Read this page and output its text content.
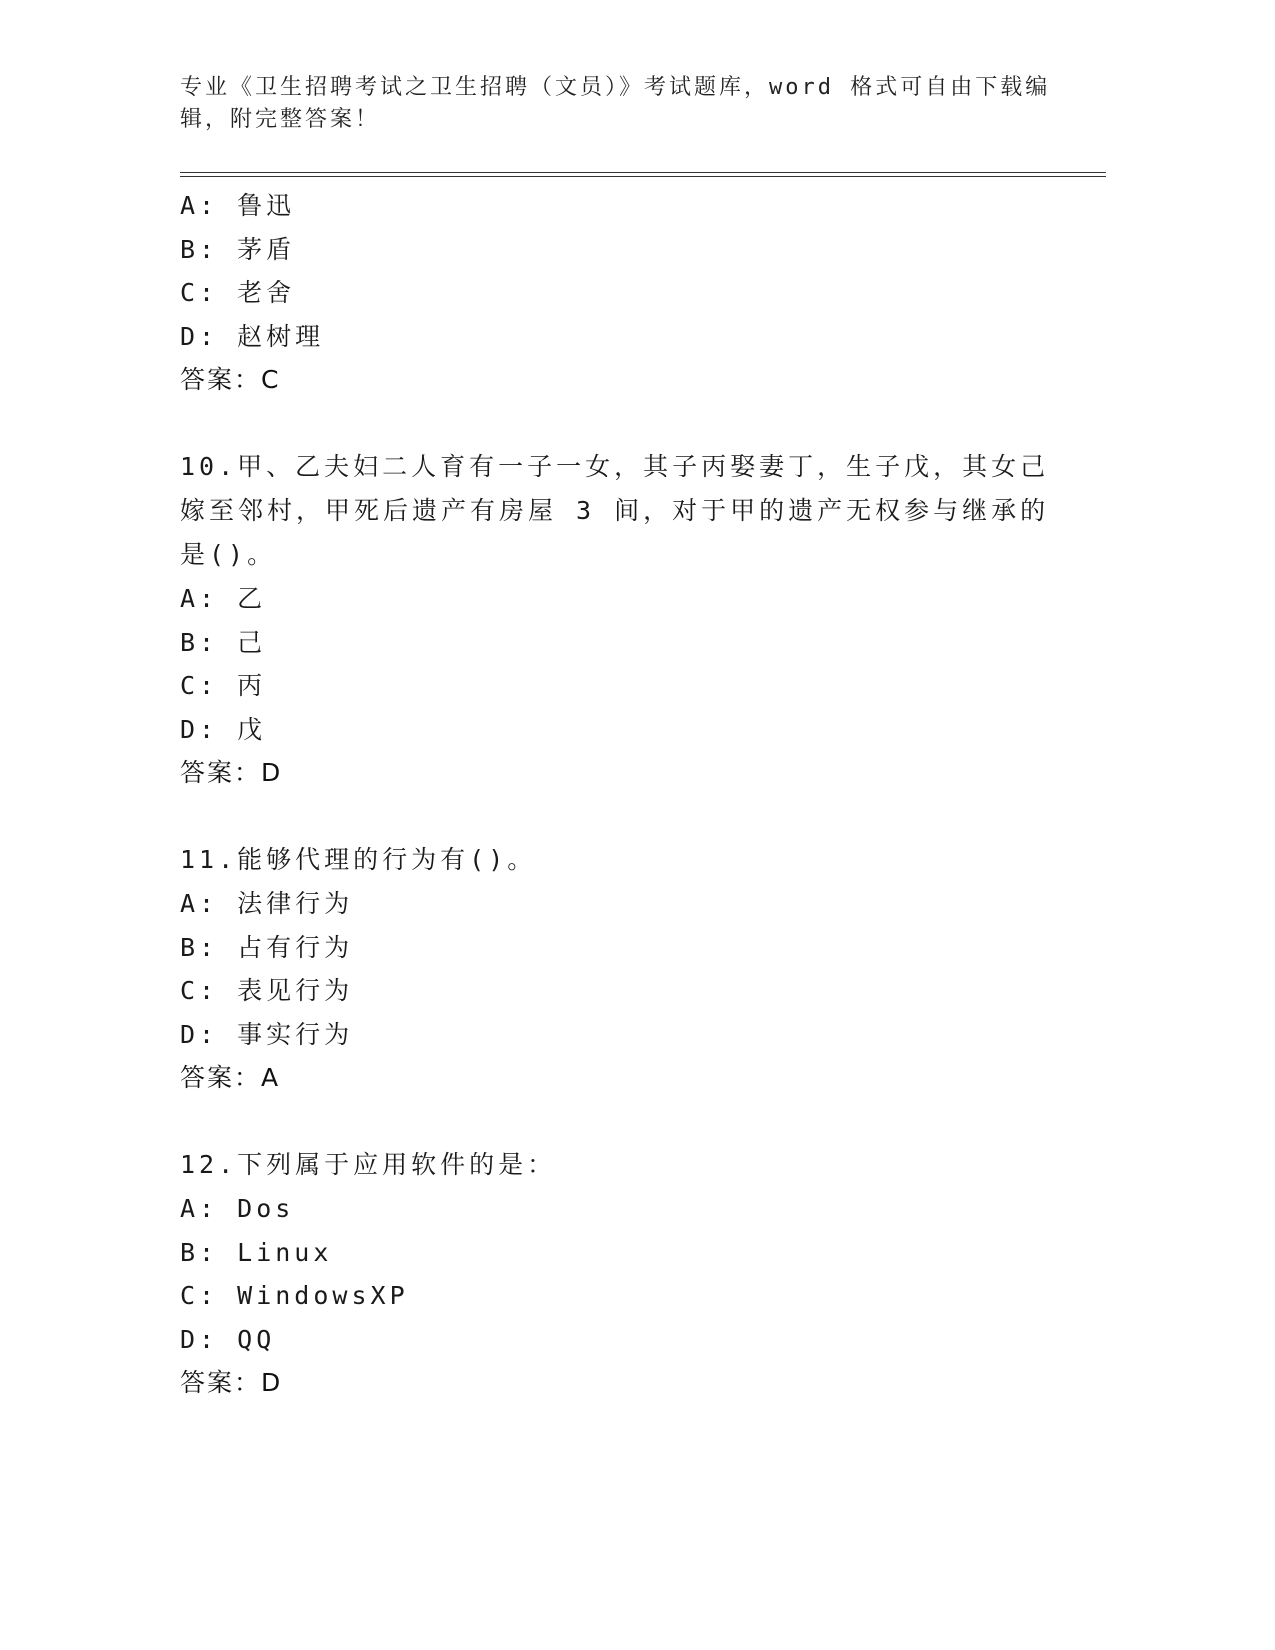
专业《卫生招聘考试之卫生招聘（文员）》考试题库，word 格式可自由下载编辑，附完整答案！
A: 鲁迅
B: 茅盾
C: 老舍
D: 赵树理
答案：C
10.甲、乙夫妇二人育有一子一女，其子丙娶妻丁，生子戊，其女己嫁至邻村，甲死后遗产有房屋 3 间，对于甲的遗产无权参与继承的是()。
A: 乙
B: 己
C: 丙
D: 戊
答案：D
11.能够代理的行为有()。
A: 法律行为
B: 占有行为
C: 表见行为
D: 事实行为
答案：A
12.下列属于应用软件的是：
A: Dos
B: Linux
C: WindowsXP
D: QQ
答案：D
